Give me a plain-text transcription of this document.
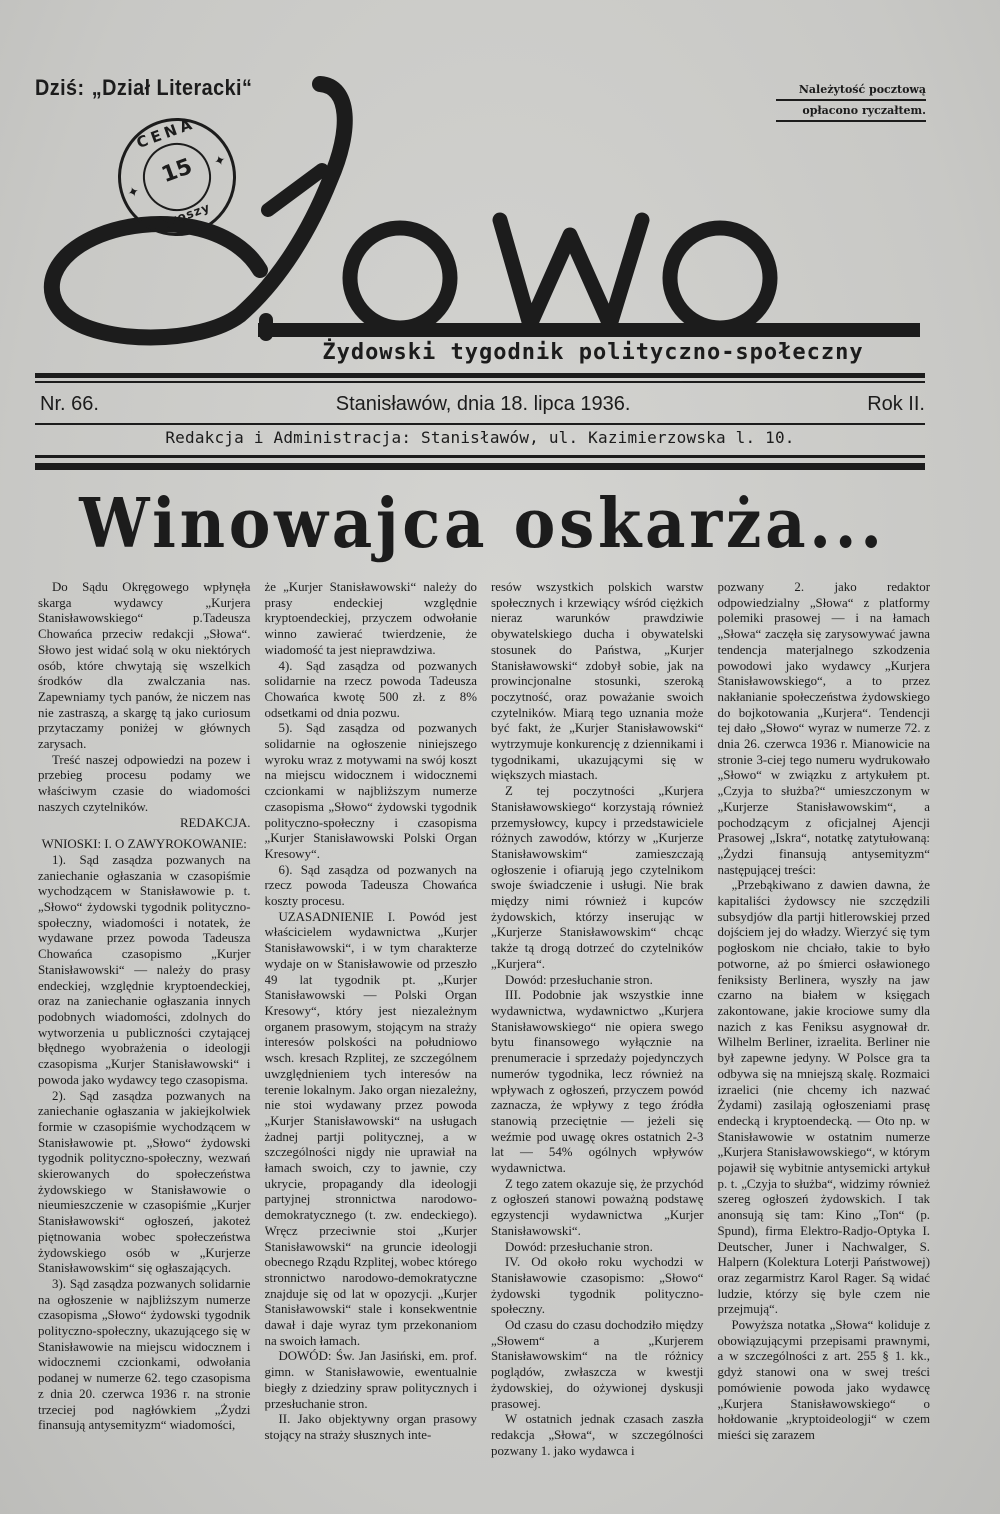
Dziś: „Dział Literacki“	Należytość pocztową
opłacono ryczałtem.
CENA
✦
✦
15
groszy
Żydowski tygodnik polityczno-społeczny
Nr. 66.	Stanisławów, dnia 18. lipca 1936.	Rok II.
Redakcja i Administracja: Stanisławów, ul. Kazimierzowska l. 10.
Winowajca oskarża...

Do Sądu Okręgowego wpłynęła skarga wydawcy „Kurjera Stanisławowskiego“ p.Tadeusza Chowańca przeciw redakcji „Słowa“. Słowo jest widać solą w oku niektórych osób, które chwytają się wszelkich środków dla zwalczania nas. Zapewniamy tych panów, że niczem nas nie zastraszą, a skargę tą jako curiosum przytaczamy poniżej w głównych zarysach.

Treść naszej odpowiedzi na pozew i przebieg procesu podamy we właściwym czasie do wiadomości naszych czytelników.

REDAKCJA.

WNIOSKI: I. O ZAWYROKOWANIE:

1). Sąd zasądza pozwanych na zaniechanie ogłaszania w czasopiśmie wychodzącem w Stanisławowie p. t. „Słowo“ żydowski tygodnik polityczno-społeczny, wiadomości i notatek, że wydawane przez powoda Tadeusza Chowańca czasopismo „Kurjer Stanisławowski“ — należy do prasy endeckiej, względnie kryptoendeckiej, oraz na zaniechanie ogłaszania innych podobnych wiadomości, zdolnych do wytworzenia u publiczności czytającej błędnego wyobrażenia o ideologji czasopisma „Kurjer Stanisławowski“ i powoda jako wydawcy tego czasopisma.

2). Sąd zasądza pozwanych na zaniechanie ogłaszania w jakiejkolwiek formie w czasopiśmie wychodzącem w Stanisławowie pt. „Słowo“ żydowski tygodnik polityczno-społeczny, wezwań skierowanych do społeczeństwa żydowskiego w Stanisławowie o nieumieszczenie w czasopiśmie „Kurjer Stanisławowski“ ogłoszeń, jakoteż piętnowania wobec społeczeństwa żydowskiego osób w „Kurjerze Stanisławowskim“ się ogłaszających.

3). Sąd zasądza pozwanych solidarnie na ogłoszenie w najbliższym numerze czasopisma „Słowo“ żydowski tygodnik polityczno-społeczny, ukazującego się w Stanisławowie na miejscu widocznem i widocznemi czcionkami, odwołania podanej w numerze 62. tego czasopisma z dnia 20. czerwca 1936 r. na stronie trzeciej pod nagłówkiem „Żydzi finansują antysemityzm“ wiadomości,

że „Kurjer Stanisławowski“ należy do prasy endeckiej względnie kryptoendeckiej, przyczem odwołanie winno zawierać twierdzenie, że wiadomość ta jest nieprawdziwa.

4). Sąd zasądza od pozwanych solidarnie na rzecz powoda Tadeusza Chowańca kwotę 500 zł. z 8% odsetkami od dnia pozwu.

5). Sąd zasądza od pozwanych solidarnie na ogłoszenie niniejszego wyroku wraz z motywami na swój koszt na miejscu widocznem i widocznemi czcionkami w najbliższym numerze czasopisma „Słowo“ żydowski tygodnik polityczno-społeczny i czasopisma „Kurjer Stanisławowski Polski Organ Kresowy“.

6). Sąd zasądza od pozwanych na rzecz powoda Tadeusza Chowańca koszty procesu.

UZASADNIENIE I. Powód jest właścicielem wydawnictwa „Kurjer Stanisławowski“, i w tym charakterze wydaje on w Stanisławowie od przeszło 49 lat tygodnik pt. „Kurjer Stanisławowski — Polski Organ Kresowy“, który jest niezależnym organem prasowym, stojącym na straży interesów polskości na południowo wsch. kresach Rzplitej, ze szczególnem uwzględnieniem tych interesów na terenie lokalnym. Jako organ niezależny, nie stoi wydawany przez powoda „Kurjer Stanisławowski“ na usługach żadnej partji politycznej, a w szczególności nigdy nie uprawiał na łamach swoich, czy to jawnie, czy ukrycie, propagandy dla ideologji partyjnej stronnictwa narodowo-demokratycznego (t. zw. endeckiego). Wręcz przeciwnie stoi „Kurjer Stanisławowski“ na gruncie ideologji obecnego Rządu Rzplitej, wobec którego stronnictwo narodowo-demokratyczne znajduje się od lat w opozycji. „Kurjer Stanisławowski“ stale i konsekwentnie dawał i daje wyraz tym przekonaniom na swoich łamach.

DOWÓD: Św. Jan Jasiński, em. prof. gimn. w Stanisławowie, ewentualnie biegły z dziedziny spraw politycznych i przesłuchanie stron.

II. Jako objektywny organ prasowy stojący na straży słusznych inte-

resów wszystkich polskich warstw społecznych i krzewiący wśród ciężkich nieraz warunków prawdziwie obywatelskiego ducha i obywatelski stosunek do Państwa, „Kurjer Stanisławowski“ zdobył sobie, jak na prowincjonalne stosunki, szeroką poczytność, oraz poważanie swoich czytelników. Miarą tego uznania może być fakt, że „Kurjer Stanisławowski“ wytrzymuje konkurencję z dziennikami i tygodnikami, ukazującymi się w większych miastach.

Z tej poczytności „Kurjera Stanisławowskiego“ korzystają również przemysłowcy, kupcy i przedstawiciele różnych zawodów, którzy w „Kurjerze Stanisławowskim“ zamieszczają ogłoszenie i ofiarują jego czytelnikom swoje świadczenie i usługi. Nie brak między nimi również i kupców żydowskich, którzy inserując w „Kurjerze Stanisławowskim“ chcąc także tą drogą dotrzeć do czytelników „Kurjera“.

Dowód: przesłuchanie stron.

III. Podobnie jak wszystkie inne wydawnictwa, wydawnictwo „Kurjera Stanisławowskiego“ nie opiera swego bytu finansowego wyłącznie na prenumeracie i sprzedaży pojedynczych numerów tygodnika, lecz również na wpływach z ogłoszeń, przyczem powód zaznacza, że wpływy z tego źródła stanowią przeciętnie — jeżeli się weźmie pod uwagę okres ostatnich 2-3 lat — 54% ogólnych wpływów wydawnictwa.

Z tego zatem okazuje się, że przychód z ogłoszeń stanowi poważną podstawę egzystencji wydawnictwa „Kurjer Stanisławowski“.

Dowód: przesłuchanie stron.

IV. Od około roku wychodzi w Stanisławowie czasopismo: „Słowo“ żydowski tygodnik polityczno-społeczny.

Od czasu do czasu dochodziło między „Słowem“ a „Kurjerem Stanisławowskim“ na tle różnicy poglądów, zwłaszcza w kwestji żydowskiej, do ożywionej dyskusji prasowej.

W ostatnich jednak czasach zaszła redakcja „Słowa“, w szczególności pozwany 1. jako wydawca i

pozwany 2. jako redaktor odpowiedzialny „Słowa“ z platformy polemiki prasowej — i na łamach „Słowa“ zaczęła się zarysowywać jawna tendencja materjalnego szkodzenia powodowi jako wydawcy „Kurjera Stanisławowskiego“, a to przez nakłanianie społeczeństwa żydowskiego do bojkotowania „Kurjera“. Tendencji tej dało „Słowo“ wyraz w numerze 72. z dnia 26. czerwca 1936 r. Mianowicie na stronie 3-ciej tego numeru wydrukowało „Słowo“ w związku z artykułem pt. „Czyja to służba?“ umieszczonym w „Kurjerze Stanisławowskim“, a pochodzącym z oficjalnej Ajencji Prasowej „Iskra“, notatkę zatytułowaną: „Żydzi finansują antysemityzm“ następującej treści:

„Przebąkiwano z dawien dawna, że kapitaliści żydowscy nie szczędzili subsydjów dla partji hitlerowskiej przed dojściem jej do władzy. Wierzyć się tym pogłoskom nie chciało, takie to było potworne, aż po śmierci osławionego feniksisty Berlinera, wyszły na jaw czarno na białem w księgach zakontowane, jakie krociowe sumy dla nazich z kas Feniksu asygnował dr. Wilhelm Berliner, izraelita. Berliner nie był zapewne jedyny. W Polsce gra ta odbywa się na mniejszą skalę. Rozmaici izraelici (nie chcemy ich nazwać Żydami) zasilają ogłoszeniami prasę endecką i kryptoendecką. — Oto np. w Stanisławowie w ostatnim numerze „Kurjera Stanisławowskiego“, w którym pojawił się wybitnie antysemicki artykuł p. t. „Czyja to służba“, widzimy również szereg ogłoszeń żydowskich. I tak anonsują się tam: Kino „Ton“ (p. Spund), firma Elektro-Radjo-Optyka I. Deutscher, Juner i Nachwalger, S. Halpern (Kolektura Loterji Państwowej) oraz zegarmistrz Karol Rager. Są widać ludzie, którzy się byle czem nie przejmują“.

Powyższa notatka „Słowa“ koliduje z obowiązującymi przepisami prawnymi, a w szczególności z art. 255 § 1. kk., gdyż stanowi ona w swej treści pomówienie powoda jako wydawcę „Kurjera Stanisławowskiego“ o hołdowanie „kryptoideologji“ w czem mieści się zarazem
